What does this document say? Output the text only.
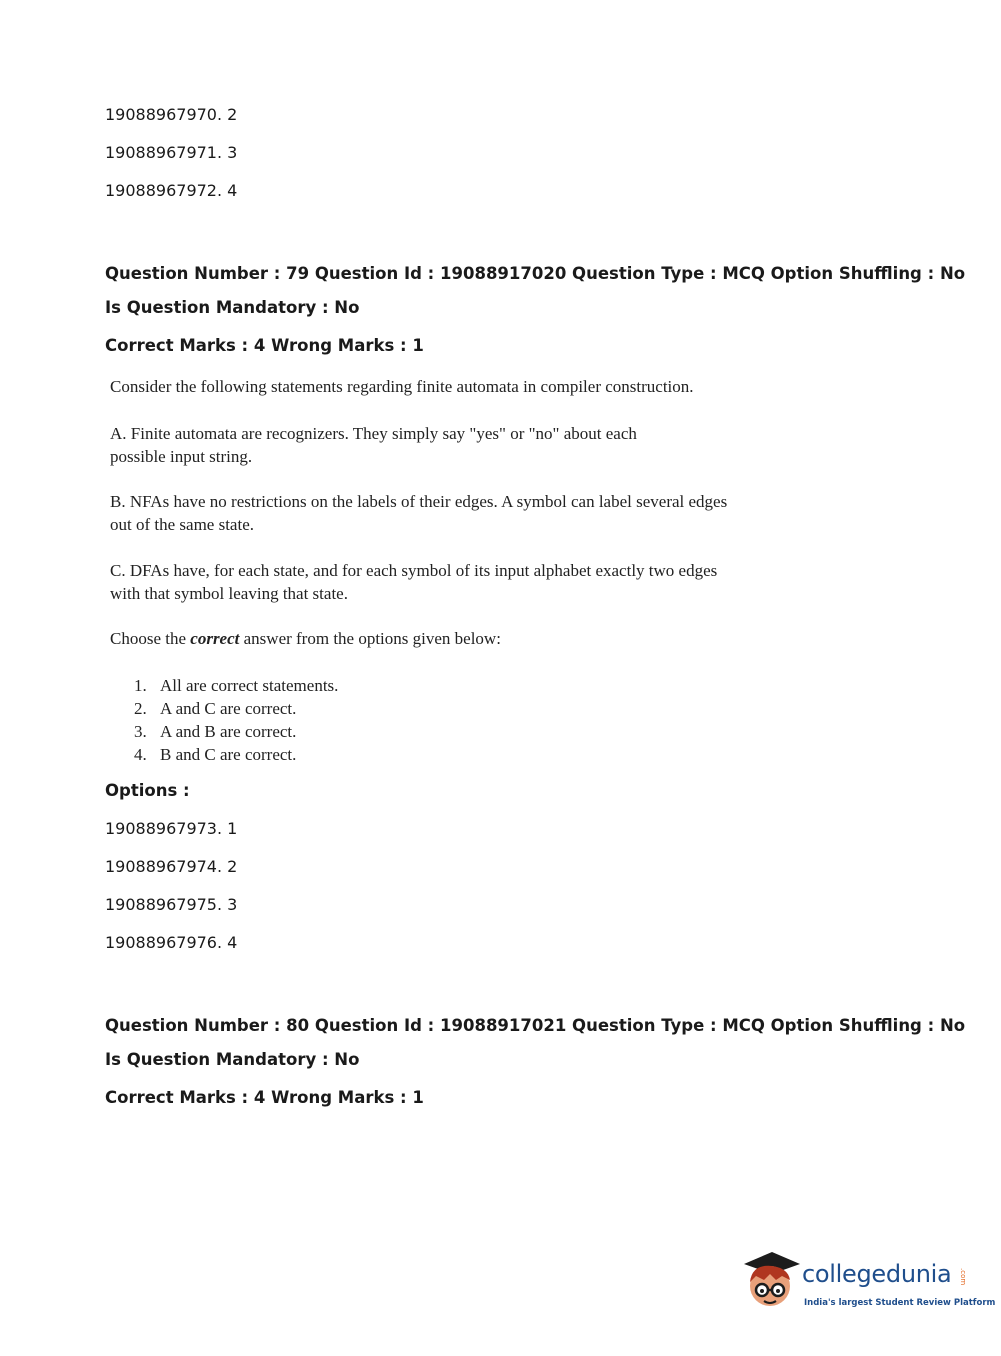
19088967970. 2
19088967971. 3
19088967972. 4
Question Number : 79 Question Id : 19088917020 Question Type : MCQ Option Shuffling : No
Is Question Mandatory : No
Correct Marks : 4 Wrong Marks : 1
Consider the following statements regarding finite automata in compiler construction.
A. Finite automata are recognizers. They simply say "yes" or "no" about each
possible input string.
B. NFAs have no restrictions on the labels of their edges. A symbol can label several edges
out of the same state.
C. DFAs have, for each state, and for each symbol of its input alphabet exactly two edges
with that symbol leaving that state.
Choose the correct answer from the options given below:
1. All are correct statements.
2. A and C are correct.
3. A and B are correct.
4. B and C are correct.
Options :
19088967973. 1
19088967974. 2
19088967975. 3
19088967976. 4
Question Number : 80 Question Id : 19088917021 Question Type : MCQ Option Shuffling : No
Is Question Mandatory : No
Correct Marks : 4 Wrong Marks : 1
collegedunia .com
India's largest Student Review Platform
